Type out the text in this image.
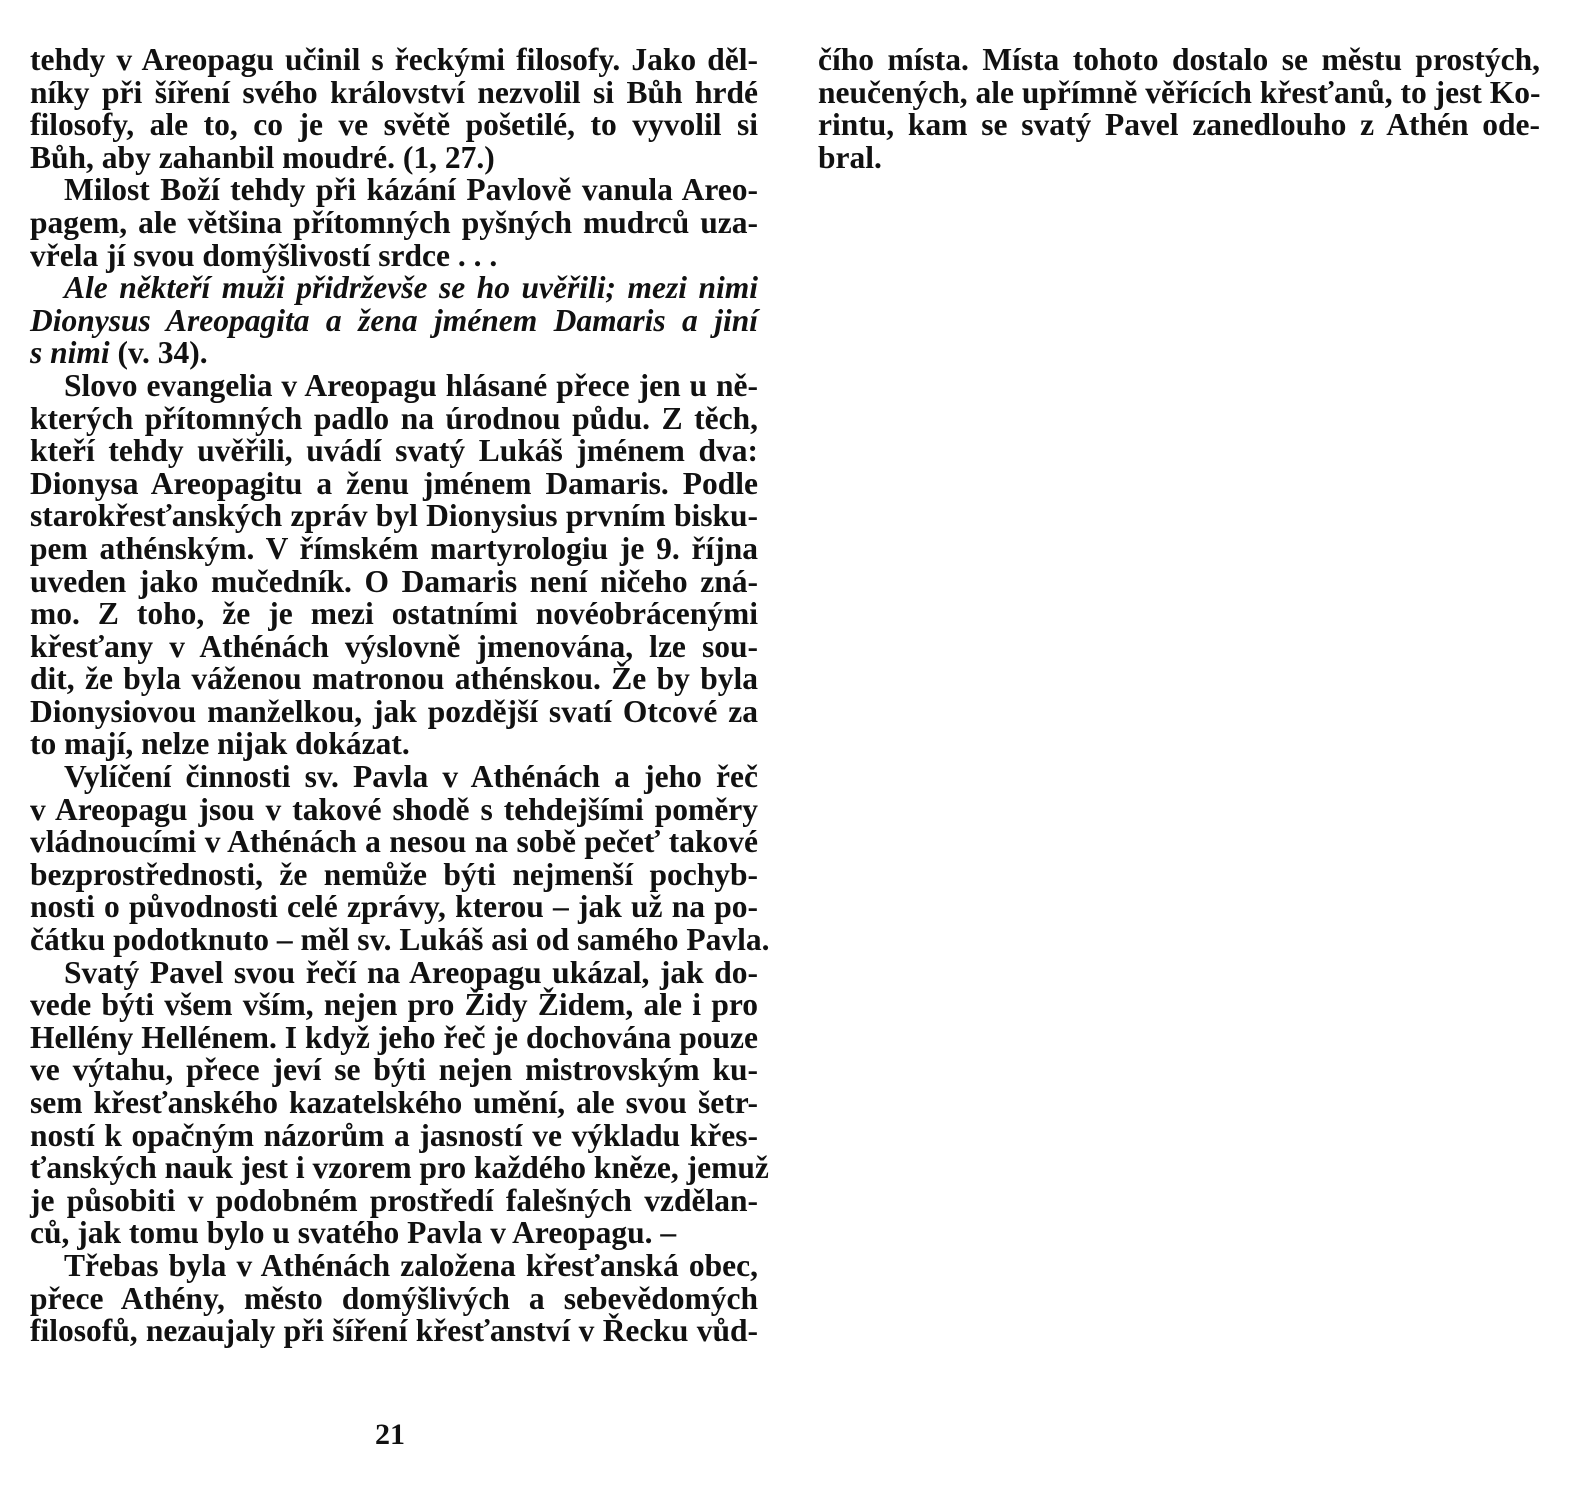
tehdy v Areopagu učinil s řeckými filosofy. Jako děl-
níky při šíření svého království nezvolil si Bůh hrdé
filosofy, ale to, co je ve světě pošetilé, to vyvolil si
Bůh, aby zahanbil moudré. (1, 27.)
Milost Boží tehdy při kázání Pavlově vanula Areo-
pagem, ale většina přítomných pyšných mudrců uza-
vřela jí svou domýšlivostí srdce . . .
Ale někteří muži přidrževše se ho uvěřili; mezi nimi
Dionysus Areopagita a žena jménem Damaris a jiní
s nimi (v. 34).
Slovo evangelia v Areopagu hlásané přece jen u ně-
kterých přítomných padlo na úrodnou půdu. Z těch,
kteří tehdy uvěřili, uvádí svatý Lukáš jménem dva:
Dionysa Areopagitu a ženu jménem Damaris. Podle
starokřesťanských zpráv byl Dionysius prvním bisku-
pem athénským. V římském martyrologiu je 9. října
uveden jako mučedník. O Damaris není ničeho zná-
mo. Z toho, že je mezi ostatními novéobrácenými
křesťany v Athénách výslovně jmenována, lze sou-
dit, že byla váženou matronou athénskou. Že by byla
Dionysiovou manželkou, jak pozdější svatí Otcové za
to mají, nelze nijak dokázat.
Vylíčení činnosti sv. Pavla v Athénách a jeho řeč
v Areopagu jsou v takové shodě s tehdejšími poměry
vládnoucími v Athénách a nesou na sobě pečeť takové
bezprostřednosti, že nemůže býti nejmenší pochyb-
nosti o původnosti celé zprávy, kterou – jak už na po-
čátku podotknuto – měl sv. Lukáš asi od samého Pavla.
Svatý Pavel svou řečí na Areopagu ukázal, jak do-
vede býti všem vším, nejen pro Židy Židem, ale i pro
Hellény Hellénem. I když jeho řeč je dochována pouze
ve výtahu, přece jeví se býti nejen mistrovským ku-
sem křesťanského kazatelského umění, ale svou šetr-
ností k opačným názorům a jasností ve výkladu křes-
ťanských nauk jest i vzorem pro každého kněze, jemuž
je působiti v podobném prostředí falešných vzdělan-
ců, jak tomu bylo u svatého Pavla v Areopagu. –
Třebas byla v Athénách založena křesťanská obec,
přece Athény, město domýšlivých a sebevědomých
filosofů, nezaujaly při šíření křesťanství v Řecku vůd-
čího místa. Místa tohoto dostalo se městu prostých,
neučených, ale upřímně věřících křesťanů, to jest Ko-
rintu, kam se svatý Pavel zanedlouho z Athén ode-
bral.
21
